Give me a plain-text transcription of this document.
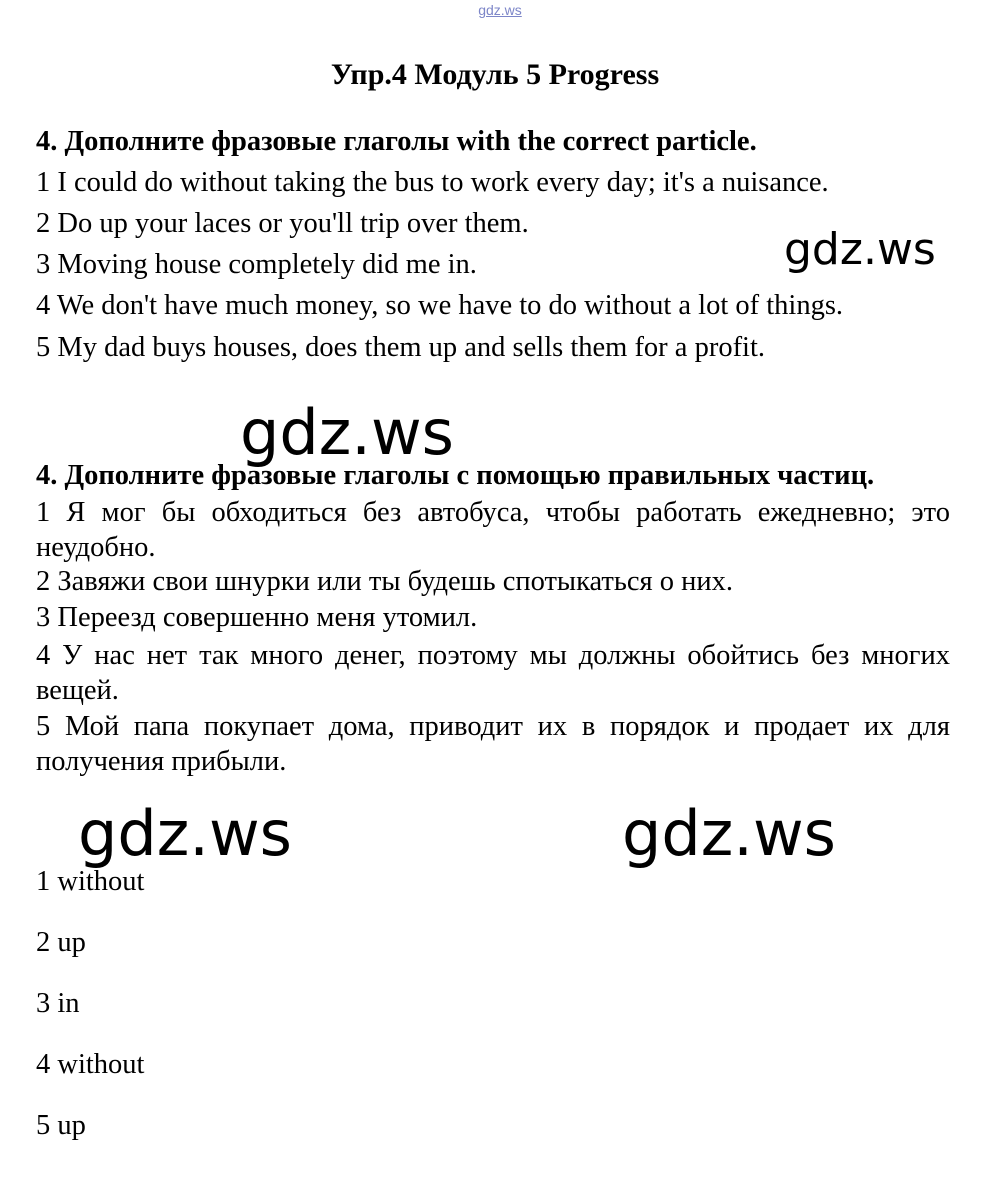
gdz.ws
Упр.4 Модуль 5 Progress
4. Дополните фразовые глаголы with the correct particle.
1 I could do without taking the bus to work every day; it's a nuisance.
2 Do up your laces or you'll trip over them.
3 Moving house completely did me in.
4 We don't have much money, so we have to do without a lot of things.
5 My dad buys houses, does them up and sells them for a profit.
gdz.ws
gdz.ws
4. Дополните фразовые глаголы с помощью правильных частиц.

1 Я мог бы обходиться без автобуса, чтобы работать ежедневно; это неудобно.

2 Завяжи свои шнурки или ты будешь спотыкаться о них.
3 Переезд совершенно меня утомил.

4 У нас нет так много денег, поэтому мы должны обойтись без многих вещей.

5 Мой папа покупает дома, приводит их в порядок и продает их для получения прибыли.

gdz.ws	gdz.ws
1 without
2 up
3 in
4 without
5 up
